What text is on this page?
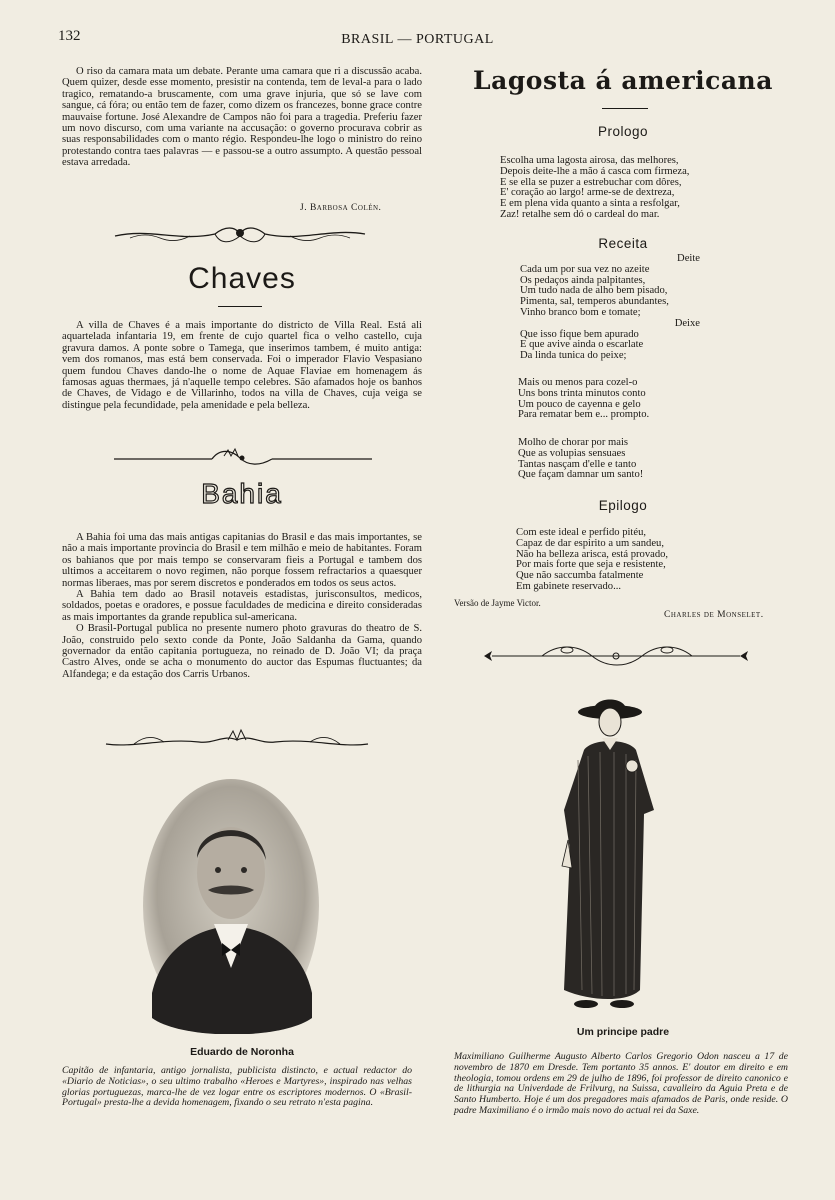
132	BRASIL — PORTUGAL

O riso da camara mata um debate. Perante uma camara que ri a discussão acaba. Quem quizer, desde esse momento, presistir na contenda, tem de leval-a para o lado tragico, rematando-a bruscamente, com uma grave injuria, que só se lave com sangue, cá fóra; ou então tem de fazer, como dizem os francezes, bonne grace contre mauvaise fortune. José Alexandre de Campos não foi para a tragedia. Preferiu fazer um novo discurso, com uma variante na accusação: o governo procurava cobrir as suas responsabilidades com o manto régio. Respondeu-lhe logo o ministro do reino protestando contra taes palavras — e passou-se a outro assumpto. A questão pessoal estava arredada.

J. Barbosa Colén.
Chaves

A villa de Chaves é a mais importante do districto de Villa Real. Está ali aquartelada infantaria 19, em frente de cujo quartel fica o velho castello, cuja gravura damos. A ponte sobre o Tamega, que inserimos tambem, é muito antiga: vem dos romanos, mas está bem conservada. Foi o imperador Flavio Vespasiano quem fundou Chaves dando-lhe o nome de Aquae Flaviae em homenagem ás famosas aguas thermaes, já n'aquelle tempo celebres. São afamados hoje os banhos de Chaves, de Vidago e de Villarinho, todos na villa de Chaves, cuja veiga se distingue pela fecundidade, pela amenidade e pela belleza.

Bahia

A Bahia foi uma das mais antigas capitanias do Brasil e das mais importantes, se não a mais importante provincia do Brasil e tem milhão e meio de habitantes. Foram os bahianos que por mais tempo se conservaram fieis a Portugal e tambem dos ultimos a acceitarem o novo regimen, não porque fossem refractarios a quaesquer normas liberaes, mas por serem discretos e ponderados em todos os seus actos.

A Bahia tem dado ao Brasil notaveis estadistas, jurisconsultos, medicos, soldados, poetas e oradores, e possue faculdades de medicina e direito consideradas as mais importantes da grande republica sul-americana.

O Brasil-Portugal publica no presente numero photo gravuras do theatro de S. João, construido pelo sexto conde da Ponte, João Saldanha da Gama, quando governador da então capitania portugueza, no reinado de D. João VI; da praça Castro Alves, onde se acha o monumento do auctor das Espumas fluctuantes; da Alfandega; e da estação dos Carris Urbanos.

Eduardo de Noronha
Capitão de infantaria, antigo jornalista, publicista distincto, e actual redactor do «Diario de Noticias», o seu ultimo trabalho «Heroes e Martyres», inspirado nas velhas glorias portuguezas, marca-lhe de vez logar entre os escriptores modernos. O «Brasil-Portugal» presta-lhe a devida homenagem, fixando o seu retrato n'esta pagina.
Lagosta á americana
Prologo
Escolha uma lagosta airosa, das melhores,
Depois deite-lhe a mão á casca com firmeza,
E se ella se puzer a estrebuchar com dôres,
E' coração ao largo! arme-se de dextreza,
E em plena vida quanto a sinta a resfolgar,
Zaz! retalhe sem dó o cardeal do mar.
Receita
Deite
Cada um por sua vez no azeite
Os pedaços ainda palpitantes,
Um tudo nada de alho bem pisado,
Pimenta, sal, temperos abundantes,
Vinho branco bom e tomate;
Deixe
Que isso fique bem apurado
E que avive ainda o escarlate
Da linda tunica do peixe;
Mais ou menos para cozel-o
Uns bons trinta minutos conto
Um pouco de cayenna e gelo
Para rematar bem e... prompto.
Molho de chorar por mais
Que as volupias sensuaes
Tantas nasçam d'elle e tanto
Que façam damnar um santo!
Epilogo
Com este ideal e perfido pitéu,
Capaz de dar espirito a um sandeu,
Não ha belleza arisca, está provado,
Por mais forte que seja e resistente,
Que não saccumba fatalmente
Em gabinete reservado...
Versão de Jayme Victor.
Charles de Monselet.
Um principe padre
Maximiliano Guilherme Augusto Alberto Carlos Gregorio Odon nasceu a 17 de novembro de 1870 em Dresde. Tem portanto 35 annos. E' doutor em direito e em theologia, tomou ordens em 29 de julho de 1896, foi professor de direito canonico e de lithurgia na Univerdade de Frilvurg, na Suissa, cavalleiro da Aguia Preta e de Santo Humberto. Hoje é um dos pregadores mais afamados de Paris, onde reside. O padre Maximiliano é o irmão mais novo do actual rei da Saxe.
